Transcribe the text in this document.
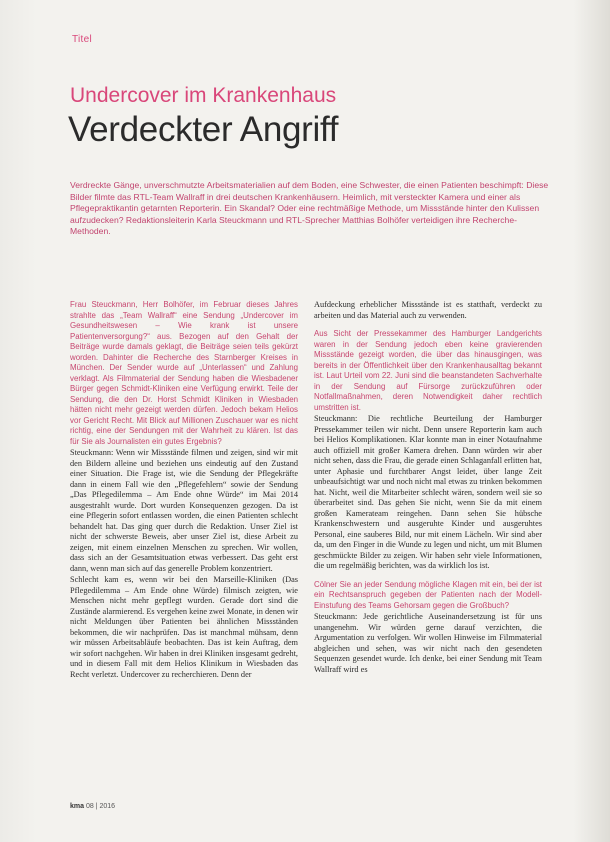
Titel
Undercover im Krankenhaus
Verdeckter Angriff

Verdreckte Gänge, unverschmutzte Arbeitsmaterialien auf dem Boden, eine Schwester, die einen Patienten beschimpft: Diese Bilder filmte das RTL-Team Wallraff in drei deutschen Krankenhäusern. Heimlich, mit versteckter Kamera und einer als Pflegepraktikantin getarnten Reporterin. Ein Skandal? Oder eine rechtmäßige Methode, um Missstände hinter den Kulissen aufzudecken? Redaktionsleiterin Karla Steuckmann und RTL-Sprecher Matthias Bolhöfer verteidigen ihre Recherche-Methoden.

Frau Steuckmann, Herr Bolhöfer, im Februar dieses Jahres strahlte das „Team Wallraff“ eine Sendung „Undercover im Gesundheitswesen – Wie krank ist unsere Patientenversorgung?“ aus. Bezogen auf den Gehalt der Beiträge wurde damals geklagt, die Beiträge seien teils gekürzt worden. Dahinter die Recherche des Starnberger Kreises in München. Der Sender wurde auf „Unterlassen“ und Zahlung verklagt. Als Filmmaterial der Sendung haben die Wiesbadener Bürger gegen Schmidt-Kliniken eine Verfügung erwirkt. Teile der Sendung, die den Dr. Horst Schmidt Kliniken in Wiesbaden hätten nicht mehr gezeigt werden dürfen. Jedoch bekam Helios vor Gericht Recht. Mit Blick auf Millionen Zuschauer war es nicht richtig, eine der Sendungen mit der Wahrheit zu klären. Ist das für Sie als Journalisten ein gutes Ergebnis?

Steuckmann: Wenn wir Missstände filmen und zeigen, sind wir mit den Bildern alleine und beziehen uns eindeutig auf den Zustand einer Situation. Die Frage ist, wie die Sendung der Pflegekräfte dann in einem Fall wie den „Pflegefehlern“ sowie der Sendung „Das Pflegedilemma – Am Ende ohne Würde“ im Mai 2014 ausgestrahlt wurde. Dort wurden Konsequenzen gezogen. Da ist eine Pflegerin sofort entlassen worden, die einen Patienten schlecht behandelt hat. Das ging quer durch die Redaktion. Unser Ziel ist nicht der schwerste Beweis, aber unser Ziel ist, diese Arbeit zu zeigen, mit einem einzelnen Menschen zu sprechen. Wir wollen, dass sich an der Gesamtsituation etwas verbessert. Das geht erst dann, wenn man sich auf das generelle Problem konzentriert.

Schlecht kam es, wenn wir bei den Marseille-Kliniken (Das Pflegedilemma – Am Ende ohne Würde) filmisch zeigten, wie Menschen nicht mehr gepflegt wurden. Gerade dort sind die Zustände alarmierend. Es vergehen keine zwei Monate, in denen wir nicht Meldungen über Patienten bei ähnlichen Missständen bekommen, die wir nachprüfen. Das ist manchmal mühsam, denn wir müssen Arbeitsabläufe beobachten. Das ist kein Auftrag, dem wir sofort nachgehen. Wir haben in drei Kliniken insgesamt gedreht, und in diesem Fall mit dem Helios Klinikum in Wiesbaden das Recht verletzt. Undercover zu recherchieren. Denn der

Aufdeckung erheblicher Missstände ist es statthaft, verdeckt zu arbeiten und das Material auch zu verwenden.

Aus Sicht der Pressekammer des Hamburger Landgerichts waren in der Sendung jedoch eben keine gravierenden Missstände gezeigt worden, die über das hinausgingen, was bereits in der Öffentlichkeit über den Krankenhausalltag bekannt ist. Laut Urteil vom 22. Juni sind die beanstandeten Sachverhalte in der Sendung auf Fürsorge zurückzuführen oder Notfallmaßnahmen, deren Notwendigkeit daher rechtlich umstritten ist.

Steuckmann: Die rechtliche Beurteilung der Hamburger Pressekammer teilen wir nicht. Denn unsere Reporterin kam auch bei Helios Komplikationen. Klar konnte man in einer Notaufnahme auch offiziell mit großer Kamera drehen. Dann würden wir aber nicht sehen, dass die Frau, die gerade einen Schlaganfall erlitten hat, unter Aphasie und furchtbarer Angst leidet, über lange Zeit unbeaufsichtigt war und noch nicht mal etwas zu trinken bekommen hat. Nicht, weil die Mitarbeiter schlecht wären, sondern weil sie so überarbeitet sind. Das gehen Sie nicht, wenn Sie da mit einem großen Kamerateam reingehen. Dann sehen Sie hübsche Krankenschwestern und ausgeruhte Kinder und ausgeruhtes Personal, eine sauberes Bild, nur mit einem Lächeln. Wir sind aber da, um den Finger in die Wunde zu legen und nicht, um mit Blumen geschmückte Bilder zu zeigen. Wir haben sehr viele Informationen, die um regelmäßig berichten, was da wirklich los ist.

Cölner Sie an jeder Sendung mögliche Klagen mit ein, bei der ist ein Rechtsanspruch gegeben der Patienten nach der Modell-Einstufung des Teams Gehorsam gegen die Großbuch?

Steuckmann: Jede gerichtliche Auseinandersetzung ist für uns unangenehm. Wir würden gerne darauf verzichten, die Argumentation zu verfolgen. Wir wollen Hinweise im Filmmaterial abgleichen und sehen, was wir nicht nach den gesendeten Sequenzen gesendet wurde. Ich denke, bei einer Sendung mit Team Wallraff wird es

kma 08 | 2016
